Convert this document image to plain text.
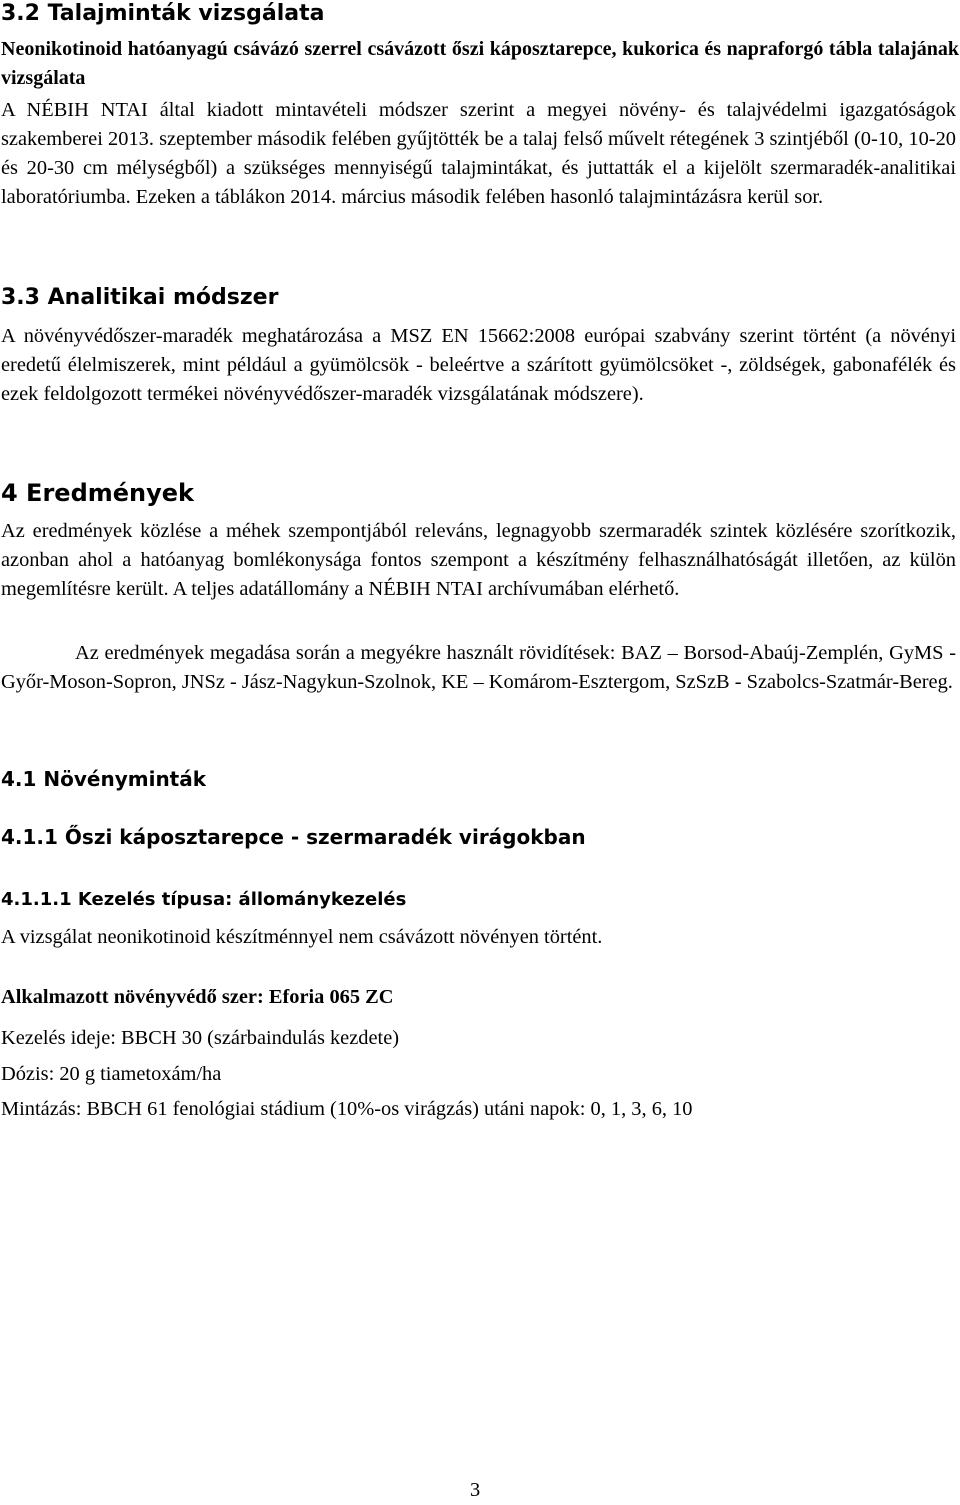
3.2 Talajminták vizsgálata
Neonikotinoid hatóanyagú csávázó szerrel csávázott őszi káposztarepce, kukorica és napraforgó tábla talajának vizsgálata

A NÉBIH NTAI által kiadott mintavételi módszer szerint a megyei növény- és talajvédelmi igazgatóságok szakemberei 2013. szeptember második felében gyűjtötték be a talaj felső művelt rétegének 3 szintjéből (0-10, 10-20 és 20-30 cm mélységből) a szükséges mennyiségű talajmintákat, és juttatták el a kijelölt szermaradék-analitikai laboratóriumba. Ezeken a táblákon 2014. március második felében hasonló talajmintázásra kerül sor.

3.3 Analitikai módszer

A növényvédőszer-maradék meghatározása a MSZ EN 15662:2008 európai szabvány szerint történt (a növényi eredetű élelmiszerek, mint például a gyümölcsök - beleértve a szárított gyümölcsöket -, zöldségek, gabonafélék és ezek feldolgozott termékei növényvédőszer-maradék vizsgálatának módszere).

4 Eredmények

Az eredmények közlése a méhek szempontjából releváns, legnagyobb szermaradék szintek közlésére szorítkozik, azonban ahol a hatóanyag bomlékonysága fontos szempont a készítmény felhasználhatóságát illetően, az külön megemlítésre került. A teljes adatállomány a NÉBIH NTAI archívumában elérhető.

Az eredmények megadása során a megyékre használt rövidítések: BAZ – Borsod-Abaúj-Zemplén, GyMS - Győr-Moson-Sopron, JNSz - Jász-Nagykun-Szolnok, KE – Komárom-Esztergom, SzSzB - Szabolcs-Szatmár-Bereg.

4.1 Növényminták
4.1.1 Őszi káposztarepce - szermaradék virágokban
4.1.1.1 Kezelés típusa: állománykezelés

A vizsgálat neonikotinoid készítménnyel nem csávázott növényen történt.

Alkalmazott növényvédő szer: Eforia 065 ZC

Kezelés ideje: BBCH 30 (szárbaindulás kezdete)

Dózis: 20 g tiametoxám/ha

Mintázás: BBCH 61 fenológiai stádium (10%-os virágzás) utáni napok: 0, 1, 3, 6, 10

3
